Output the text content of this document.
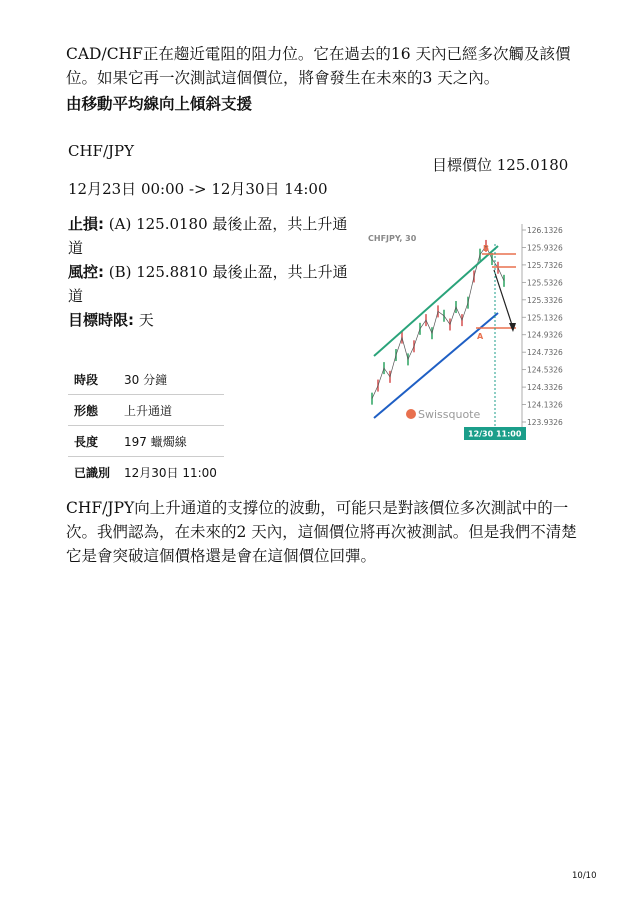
CAD/CHF正在趨近電阻的阻力位。它在過去的16 天內已經多次觸及該價位。如果它再一次測試這個價位，將會發生在未來的3 天之內。
由移動平均線向上傾斜支援
CHF/JPY
目標價位 125.0180
12月23日 00:00 -> 12月30日 14:00
止損: (A) 125.0180 最後止盈，共上升通道
風控: (B) 125.8810 最後止盈，共上升通道
目標時限: 天
時段	30 分鐘
形態	上升通道
長度	197 蠟燭線
已識別	12月30日 11:00
CHFJPY, 30
126.1326
125.9326
125.7326
125.5326
125.3326
125.1326
124.9326
124.7326
124.5326
124.3326
124.1326
123.9326
B
A
Swissquote
12/30 11:00
CHF/JPY向上升通道的支撐位的波動，可能只是對該價位多次測試中的一次。我們認為，在未來的2 天內，這個價位將再次被測試。但是我們不清楚它是會突破這個價格還是會在這個價位回彈。
10/10
